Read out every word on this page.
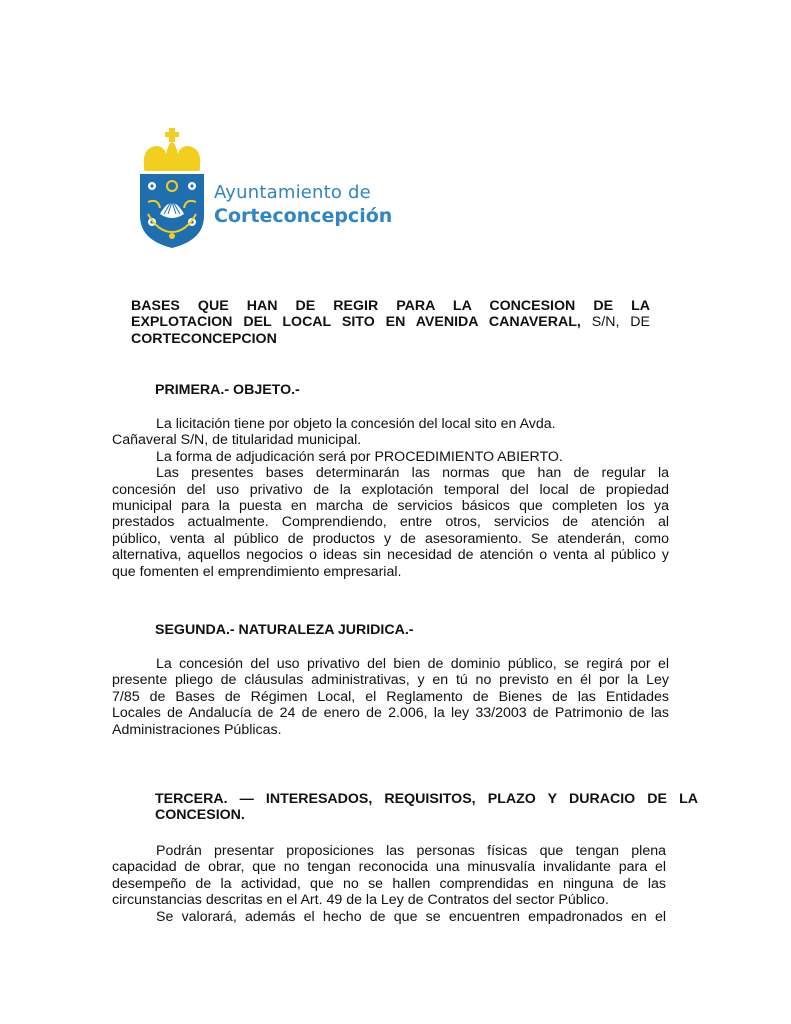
Ayuntamiento de
Corteconcepción
BASES QUE HAN DE REGIR PARA LA CONCESION DE LA
EXPLOTACION DEL LOCAL SITO EN AVENIDA CANAVERAL, S/N, DE
CORTECONCEPCION
PRIMERA.- OBJETO.-
La licitación tiene por objeto la concesión del local sito en Avda.
Cañaveral S/N, de titularidad municipal.
La forma de adjudicación será por PROCEDIMIENTO ABIERTO.
Las presentes bases determinarán las normas que han de regular la
concesión del uso privativo de la explotación temporal del local de propiedad
municipal para la puesta en marcha de servicios básicos que completen los ya
prestados actualmente. Comprendiendo, entre otros, servicios de atención al
público, venta al público de productos y de asesoramiento. Se atenderán, como
alternativa, aquellos negocios o ideas sin necesidad de atención o venta al público y
que fomenten el emprendimiento empresarial.
SEGUNDA.- NATURALEZA JURIDICA.-
La concesión del uso privativo del bien de dominio público, se regirá por el
presente pliego de cláusulas administrativas, y en tú no previsto en él por la Ley
7/85 de Bases de Régimen Local, el Reglamento de Bienes de las Entidades
Locales de Andalucía de 24 de enero de 2.006, la ley 33/2003 de Patrimonio de las
Administraciones Públicas.
TERCERA. — INTERESADOS, REQUISITOS, PLAZO Y DURACIO DE LA
CONCESION.
Podrán presentar proposiciones las personas físicas que tengan plena
capacidad de obrar, que no tengan reconocida una minusvalía invalidante para el
desempeño de la actividad, que no se hallen comprendidas en ninguna de las
circunstancias descritas en el Art. 49 de la Ley de Contratos del sector Público.
Se valorará, además el hecho de que se encuentren empadronados en el
